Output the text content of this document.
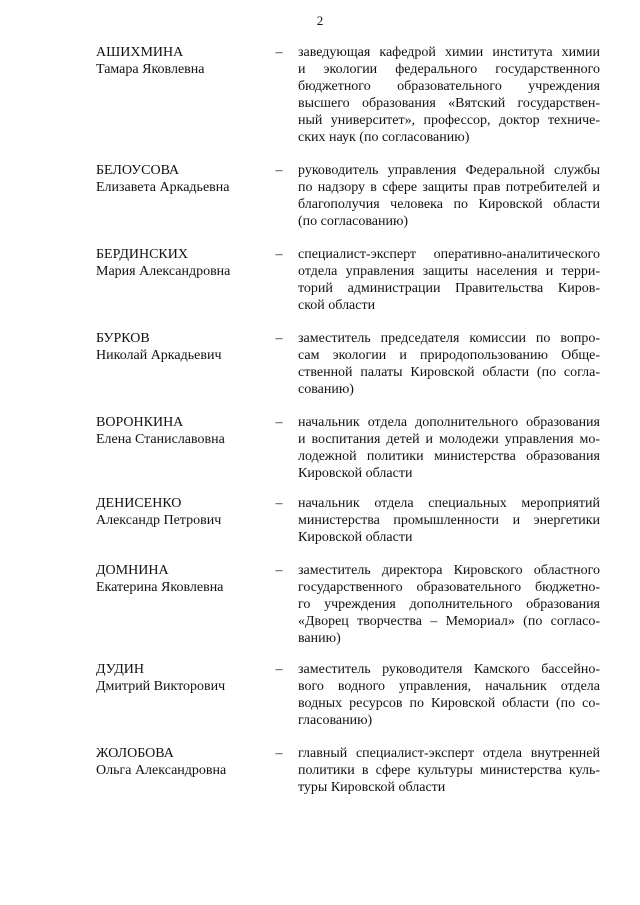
2
АШИХМИНА
Тамара Яковлевна
–	заведующая кафедрой химии института химии
и экологии федерального государственного
бюджетного образовательного учреждения
высшего образования «Вятский государствен-
ный университет», профессор, доктор техниче-
ских наук (по согласованию)
БЕЛОУСОВА
Елизавета Аркадьевна
–	руководитель управления Федеральной службы
по надзору в сфере защиты прав потребителей и
благополучия человека по Кировской области
(по согласованию)
БЕРДИНСКИХ
Мария Александровна
–	специалист-эксперт оперативно-аналитического
отдела управления защиты населения и терри-
торий администрации Правительства Киров-
ской области
БУРКОВ
Николай Аркадьевич
–	заместитель председателя комиссии по вопро-
сам экологии и природопользованию Обще-
ственной палаты Кировской области (по согла-
сованию)
ВОРОНКИНА
Елена Станиславовна
–	начальник отдела дополнительного образования
и воспитания детей и молодежи управления мо-
лодежной политики министерства образования
Кировской области
ДЕНИСЕНКО
Александр Петрович
–	начальник отдела специальных мероприятий
министерства промышленности и энергетики
Кировской области
ДОМНИНА
Екатерина Яковлевна
–	заместитель директора Кировского областного
государственного образовательного бюджетно-
го учреждения дополнительного образования
«Дворец творчества – Мемориал» (по согласо-
ванию)
ДУДИН
Дмитрий Викторович
–	заместитель руководителя Камского бассейно-
вого водного управления, начальник отдела
водных ресурсов по Кировской области (по со-
гласованию)
ЖОЛОБОВА
Ольга Александровна
–	главный специалист-эксперт отдела внутренней
политики в сфере культуры министерства куль-
туры Кировской области
